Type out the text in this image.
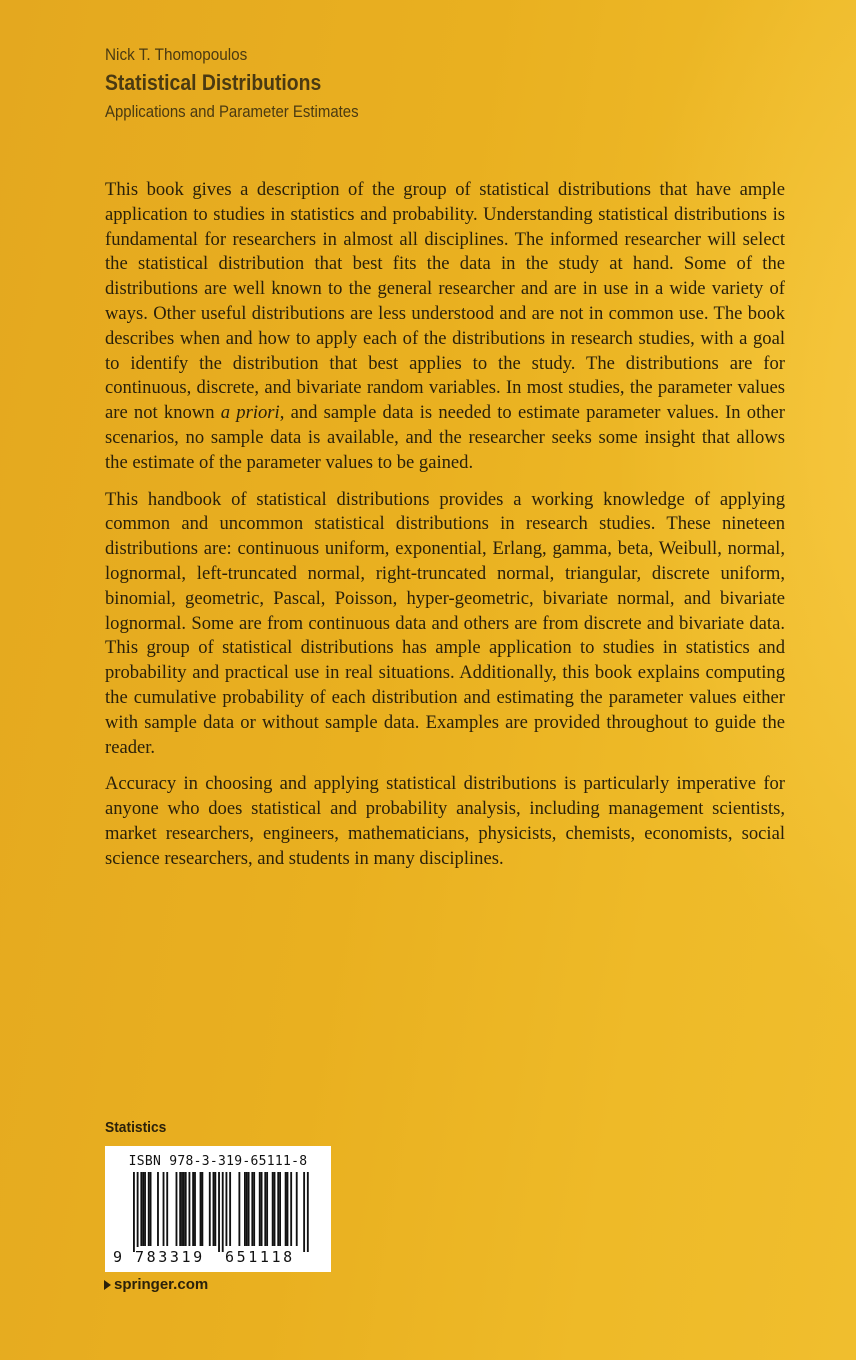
Nick T. Thomopoulos
Statistical Distributions
Applications and Parameter Estimates

This book gives a description of the group of statistical distributions that have ample application to studies in statistics and probability. Understanding statistical distributions is fundamental for researchers in almost all disciplines. The informed researcher will select the statistical distribution that best fits the data in the study at hand. Some of the distributions are well known to the general researcher and are in use in a wide variety of ways. Other useful distributions are less understood and are not in common use. The book describes when and how to apply each of the distributions in research studies, with a goal to identify the distribution that best applies to the study. The distributions are for continuous, discrete, and bivariate random variables. In most studies, the parameter values are not known a priori, and sample data is needed to estimate parameter values. In other scenarios, no sample data is available, and the researcher seeks some insight that allows the estimate of the parameter values to be gained.

This handbook of statistical distributions provides a working knowledge of applying common and uncommon statistical distributions in research studies. These nineteen distributions are: continuous uniform, exponential, Erlang, gamma, beta, Weibull, normal, lognormal, left-truncated normal, right-truncated normal, triangular, discrete uniform, binomial, geometric, Pascal, Poisson, hyper-geometric, bivariate normal, and bivariate lognormal. Some are from continuous data and others are from discrete and bivariate data. This group of statistical distributions has ample application to studies in statistics and probability and practical use in real situations. Additionally, this book explains computing the cumulative probability of each distribution and estimating the parameter values either with sample data or without sample data. Examples are provided throughout to guide the reader.

Accuracy in choosing and applying statistical distributions is particularly imperative for anyone who does statistical and probability analysis, including management scientists, market researchers, engineers, mathematicians, physicists, chemists, economists, social science researchers, and students in many disciplines.

Statistics
ISBN 978-3-319-65111-8
9 783319 651118
springer.com
